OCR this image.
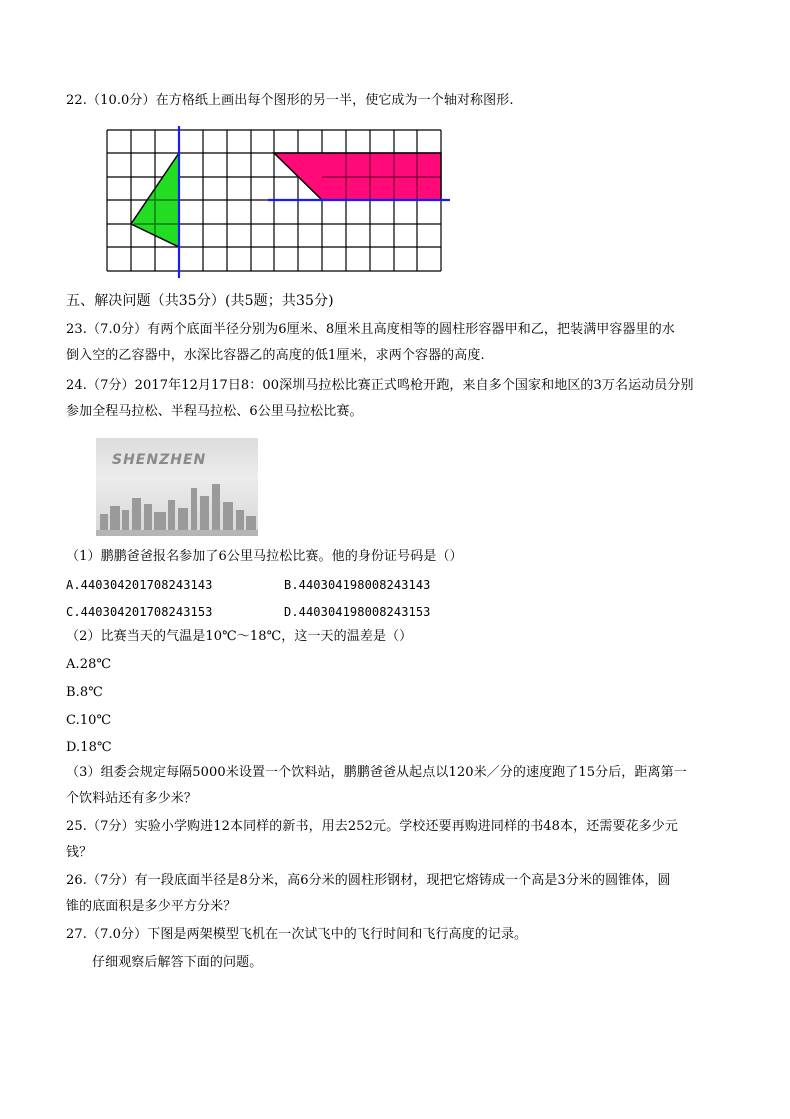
22.（10.0分）在方格纸上画出每个图形的另一半，使它成为一个轴对称图形.
五、解决问题（共35分）(共5题；共35分)
23.（7.0分）有两个底面半径分别为6厘米、8厘米且高度相等的圆柱形容器甲和乙，把装满甲容器里的水
倒入空的乙容器中，水深比容器乙的高度的低1厘米，求两个容器的高度.
24.（7分）2017年12月17日8：00深圳马拉松比赛正式鸣枪开跑，来自多个国家和地区的3万名运动员分别
参加全程马拉松、半程马拉松、6公里马拉松比赛。
SHENZHEN
（1）鹏鹏爸爸报名参加了6公里马拉松比赛。他的身份证号码是（）
A.440304201708243143	B.440304198008243143
C.440304201708243153	D.440304198008243153
（2）比赛当天的气温是10℃～18℃，这一天的温差是（）
A.28℃
B.8℃
C.10℃
D.18℃
（3）组委会规定每隔5000米设置一个饮料站，鹏鹏爸爸从起点以120米／分的速度跑了15分后，距离第一
个饮料站还有多少米？
25.（7分）实验小学购进12本同样的新书，用去252元。学校还要再购进同样的书48本，还需要花多少元
钱？
26.（7分）有一段底面半径是8分米，高6分米的圆柱形钢材，现把它熔铸成一个高是3分米的圆锥体，圆
锥的底面积是多少平方分米？
27.（7.0分）下图是两架模型飞机在一次试飞中的飞行时间和飞行高度的记录。
仔细观察后解答下面的问题。
